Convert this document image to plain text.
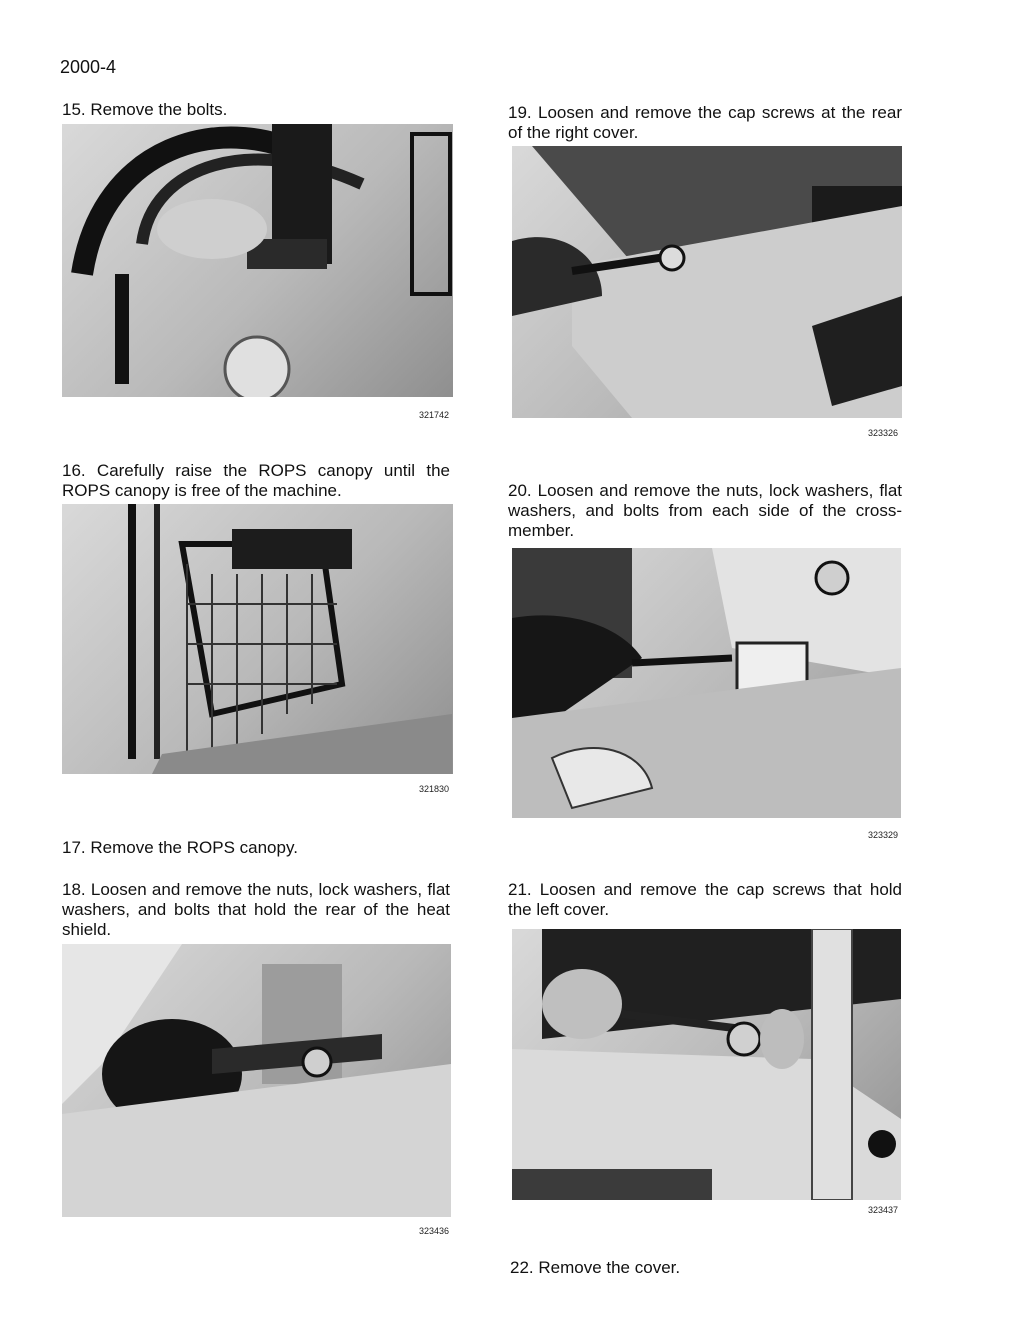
2000-4

15. Remove the bolts.

321742

16. Carefully raise the ROPS canopy until the ROPS canopy is free of the machine.

321830

17. Remove the ROPS canopy.

18. Loosen and remove the nuts, lock washers, flat washers, and bolts that hold the rear of the heat shield.

323436

19. Loosen and remove the cap screws at the rear of the right cover.

323326

20. Loosen and remove the nuts, lock washers, flat washers, and bolts from each side of the cross-member.

323329

21. Loosen and remove the cap screws that hold the left cover.

323437

22. Remove the cover.
